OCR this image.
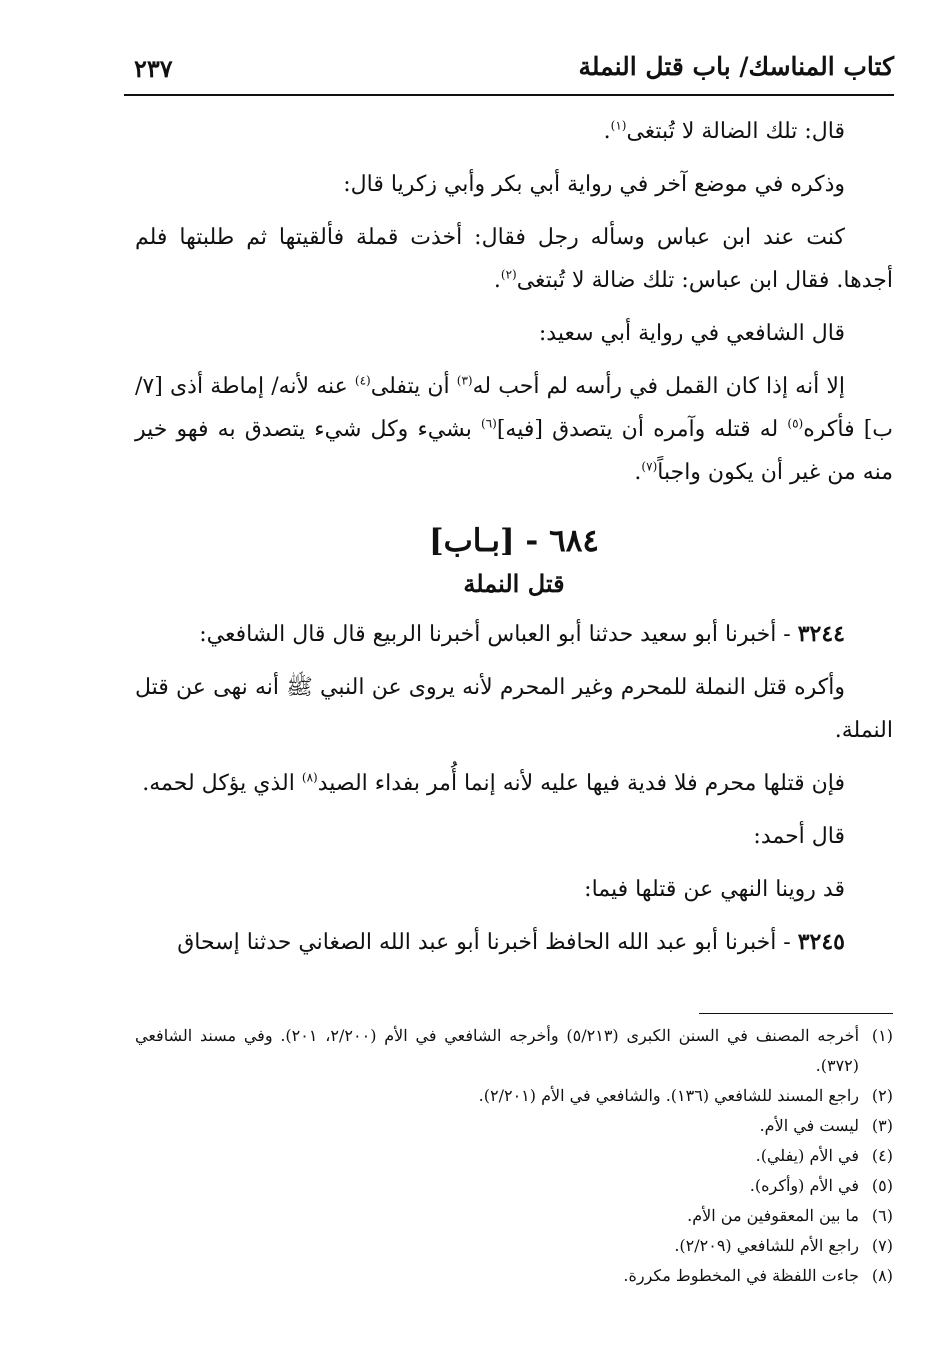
كتاب المناسك/ باب قتل النملة
٢٣٧

قال: تلك الضالة لا تُبتغى$^{(١)}$.

وذكره في موضع آخر في رواية أبي بكر وأبي زكريا قال:

كنت عند ابن عباس وسأله رجل فقال: أخذت قملة فألقيتها ثم طلبتها فلم أجدها. فقال ابن عباس: تلك ضالة لا تُبتغى$^{(٢)}$.

قال الشافعي في رواية أبي سعيد:

إلا أنه إذا كان القمل في رأسه لم أحب له$^{(٣)}$ أن يتفلى$^{(٤)}$ عنه لأنه/ إماطة أذى [٧/ ب] فأكره$^{(٥)}$ له قتله وآمره أن يتصدق [فيه]$^{(٦)}$ بشيء وكل شيء يتصدق به فهو خير منه من غير أن يكون واجباً$^{(٧)}$.

٦٨٤ - [بـاب]

قتل النملة

٣٢٤٤ - أخبرنا أبو سعيد حدثنا أبو العباس أخبرنا الربيع قال قال الشافعي:

وأكره قتل النملة للمحرم وغير المحرم لأنه يروى عن النبي ﷺ أنه نهى عن قتل النملة.

فإن قتلها محرم فلا فدية فيها عليه لأنه إنما أُمر بفداء الصيد$^{(٨)}$ الذي يؤكل لحمه.

قال أحمد:

قد روينا النهي عن قتلها فيما:

٣٢٤٥ - أخبرنا أبو عبد الله الحافظ أخبرنا أبو عبد الله الصغاني حدثنا إسحاق

(١)
أخرجه المصنف في السنن الكبرى (٥/٢١٣) وأخرجه الشافعي في الأم (٢/٢٠٠، ٢٠١). وفي مسند الشافعي (٣٧٢).

(٢)
راجع المسند للشافعي (١٣٦). والشافعي في الأم (٢/٢٠١).

(٣)
ليست في الأم.

(٤)
في الأم (يفلي).

(٥)
في الأم (وأكره).

(٦)
ما بين المعقوفين من الأم.

(٧)
راجع الأم للشافعي (٢/٢٠٩).

(٨)
جاءت اللفظة في المخطوط مكررة.
